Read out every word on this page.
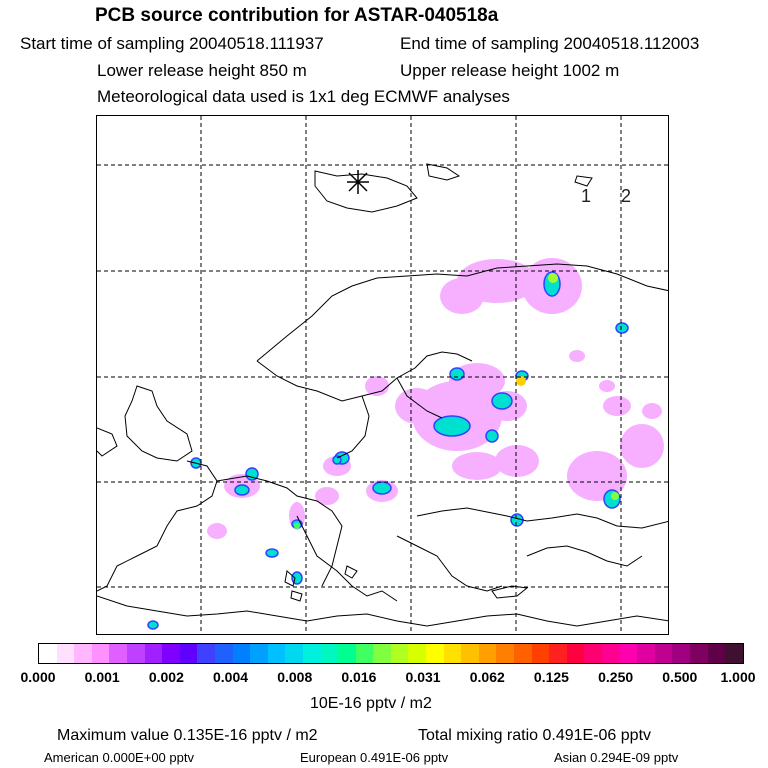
PCB source contribution for ASTAR-040518a
Start time of sampling 20040518.111937	End time of sampling 20040518.112003
Lower release height 850 m	Upper release height 1002 m
Meteorological data used is 1x1 deg ECMWF analyses
1 2
0.000 0.001 0.002 0.004 0.008 0.016 0.031 0.062 0.125 0.250 0.500 1.000
10E-16 pptv / m2
Maximum value 0.135E-16 pptv / m2	Total mixing ratio 0.491E-06 pptv
American 0.000E+00 pptv	European 0.491E-06 pptv	Asian 0.294E-09 pptv
